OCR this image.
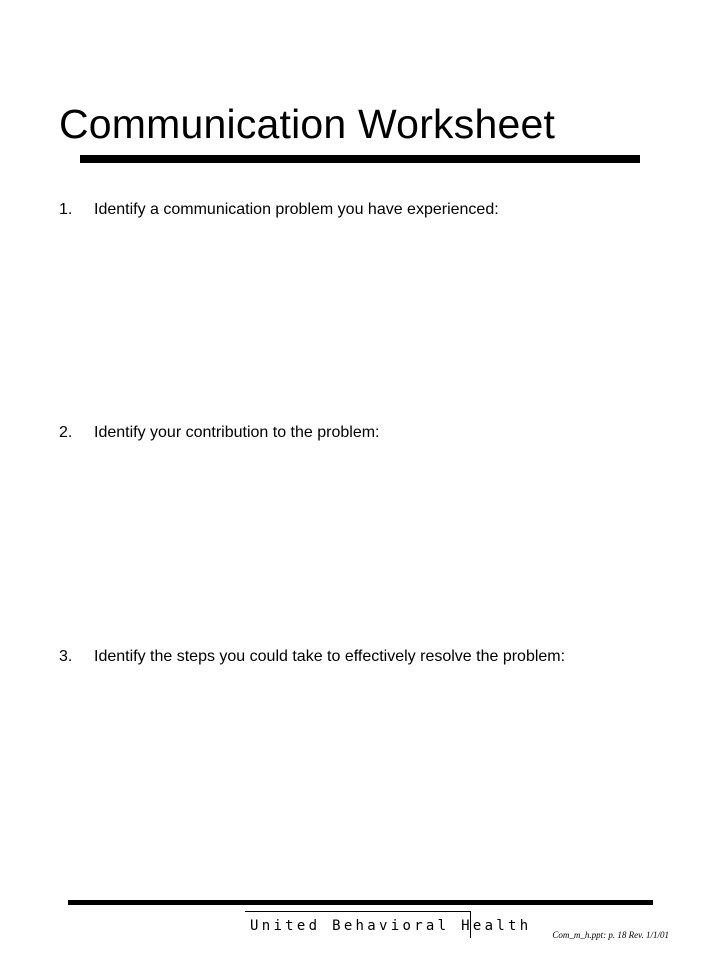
Communication Worksheet
1. Identify a communication problem you have experienced:
2. Identify your contribution to the problem:
3. Identify the steps you could take to effectively resolve the problem:
United Behavioral Health
Com_m_h.ppt: p. 18 Rev. 1/1/01
